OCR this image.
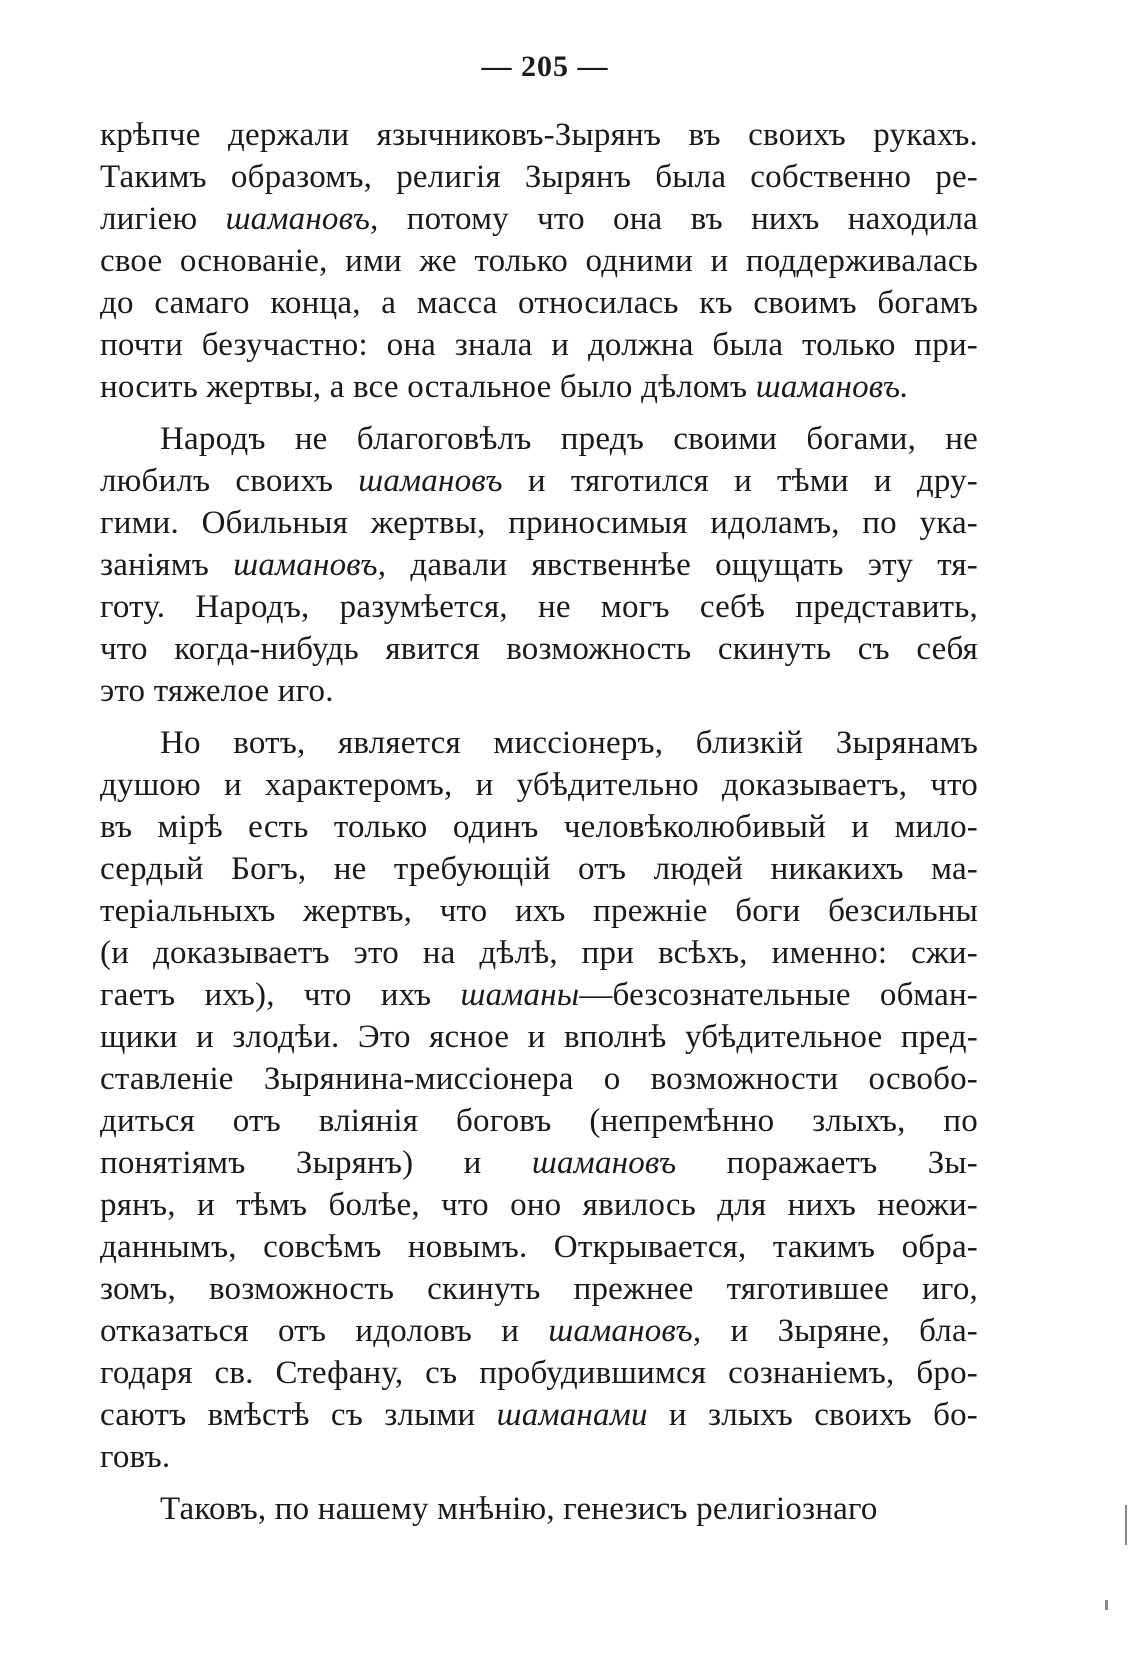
— 205 —
крѣпче держали язычниковъ-Зырянъ въ своихъ рукахъ.
Такимъ образомъ, религія Зырянъ была собственно ре-
лигіею шамановъ, потому что она въ нихъ находила
свое основаніе, ими же только одними и поддерживалась
до самаго конца, а масса относилась къ своимъ богамъ
почти безучастно: она знала и должна была только при-
носить жертвы, а все остальное было дѣломъ шамановъ.
Народъ не благоговѣлъ предъ своими богами, не
любилъ своихъ шамановъ и тяготился и тѣми и дру-
гими. Обильныя жертвы, приносимыя идоламъ, по ука-
заніямъ шамановъ, давали явственнѣе ощущать эту тя-
готу. Народъ, разумѣется, не могъ себѣ представить,
что когда-нибудь явится возможность скинуть съ себя
это тяжелое иго.
Но вотъ, является миссіонеръ, близкій Зырянамъ
душою и характеромъ, и убѣдительно доказываетъ, что
въ мірѣ есть только одинъ человѣколюбивый и мило-
сердый Богъ, не требующій отъ людей никакихъ ма-
теріальныхъ жертвъ, что ихъ прежніе боги безсильны
(и доказываетъ это на дѣлѣ, при всѣхъ, именно: сжи-
гаетъ ихъ), что ихъ шаманы—безсознательные обман-
щики и злодѣи. Это ясное и вполнѣ убѣдительное пред-
ставленіе Зырянина-миссіонера о возможности освобо-
диться отъ вліянія боговъ (непремѣнно злыхъ, по
понятіямъ Зырянъ) и шамановъ поражаетъ Зы-
рянъ, и тѣмъ болѣе, что оно явилось для нихъ неожи-
даннымъ, совсѣмъ новымъ. Открывается, такимъ обра-
зомъ, возможность скинуть прежнее тяготившее иго,
отказаться отъ идоловъ и шамановъ, и Зыряне, бла-
годаря св. Стефану, съ пробудившимся сознаніемъ, бро-
саютъ вмѣстѣ съ злыми шаманами и злыхъ своихъ бо-
говъ.
Таковъ, по нашему мнѣнію, генезисъ религіознаго
